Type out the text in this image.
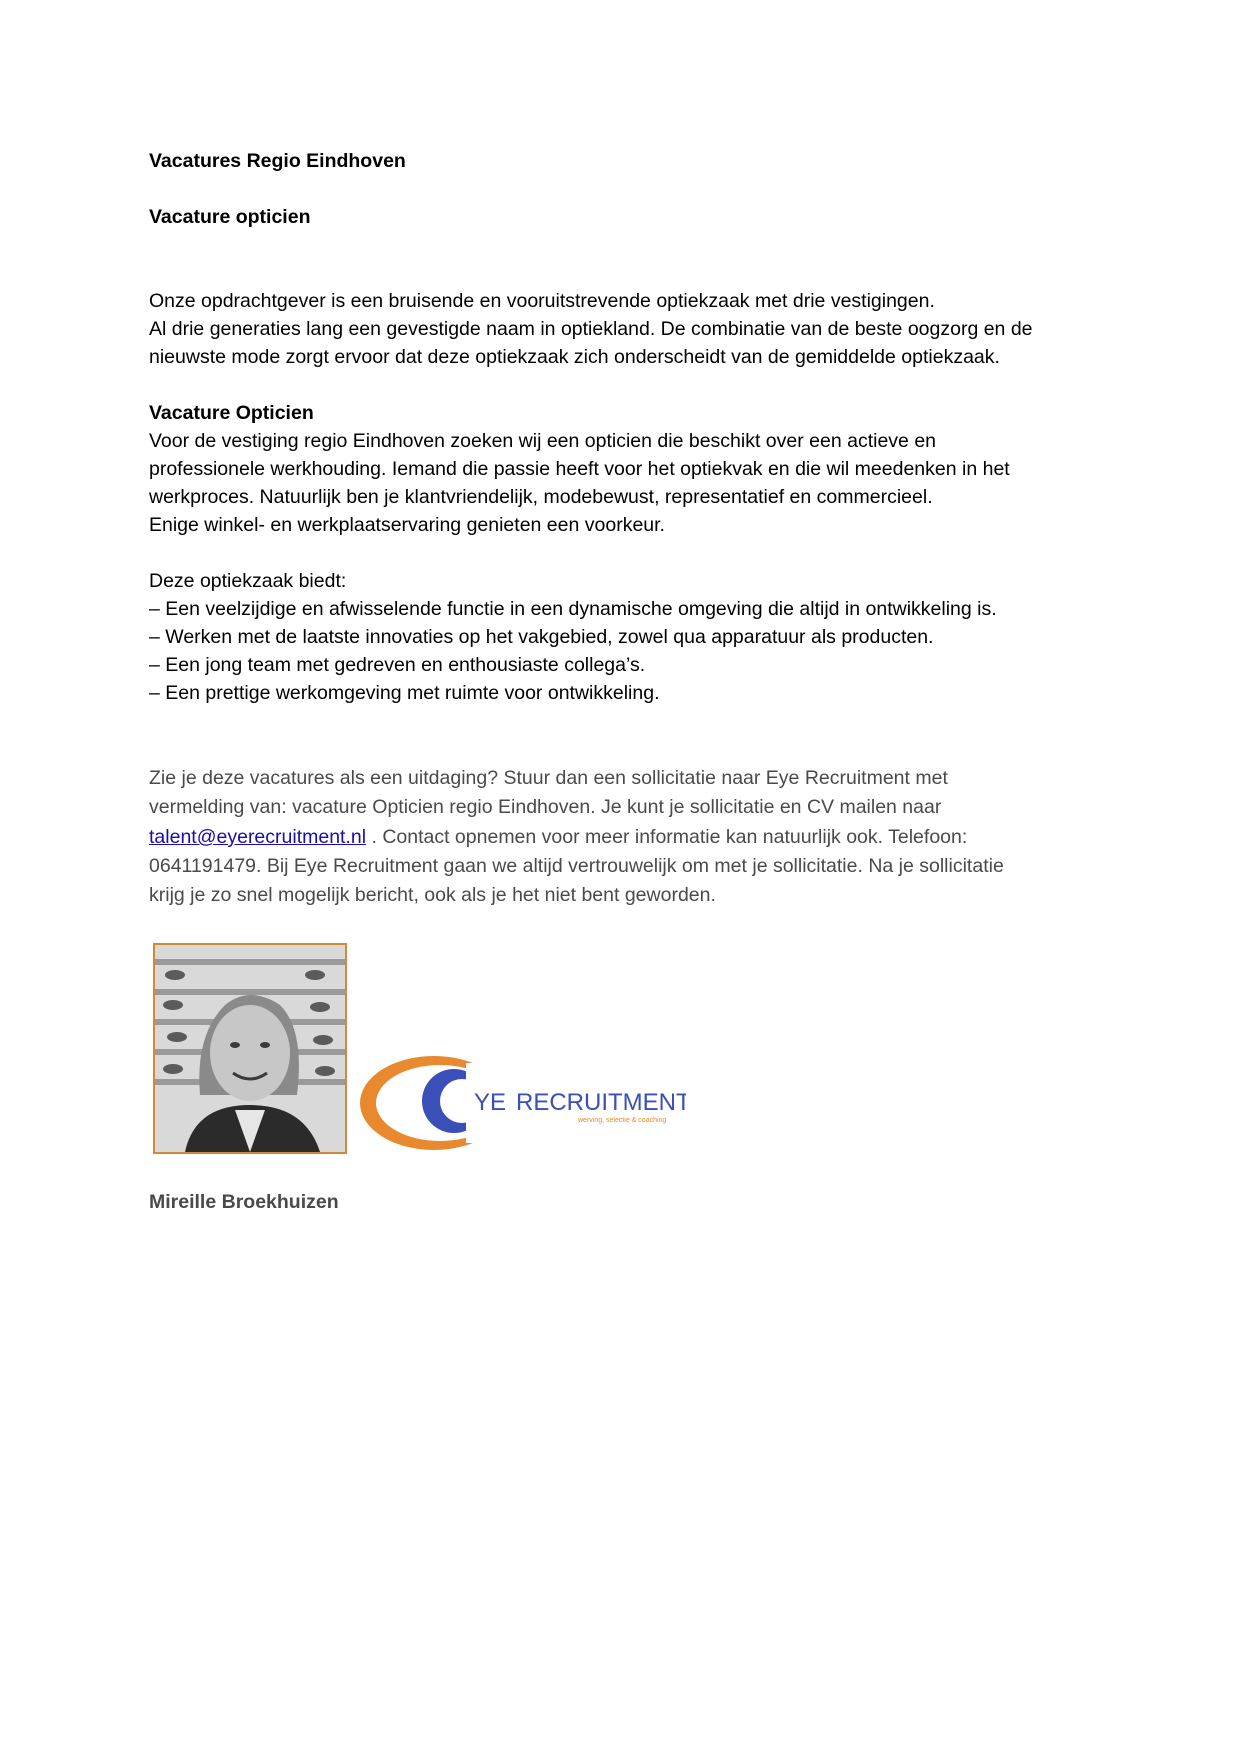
Vacatures Regio Eindhoven
Vacature opticien
Onze opdrachtgever is een bruisende en vooruitstrevende optiekzaak met drie vestigingen.
Al drie generaties lang een gevestigde naam in optiekland. De combinatie van de beste oogzorg en de
nieuwste mode zorgt ervoor dat deze optiekzaak zich onderscheidt van de gemiddelde optiekzaak.
Vacature Opticien
Voor de vestiging regio Eindhoven zoeken wij een opticien die beschikt over een actieve en
professionele werkhouding. Iemand die passie heeft voor het optiekvak en die wil meedenken in het
werkproces. Natuurlijk ben je klantvriendelijk, modebewust, representatief en commercieel.
Enige winkel- en werkplaatservaring genieten een voorkeur.
Deze optiekzaak biedt:
– Een veelzijdige en afwisselende functie in een dynamische omgeving die altijd in ontwikkeling is.
– Werken met de laatste innovaties op het vakgebied, zowel qua apparatuur als producten.
– Een jong team met gedreven en enthousiaste collega’s.
– Een prettige werkomgeving met ruimte voor ontwikkeling.
Zie je deze vacatures als een uitdaging? Stuur dan een sollicitatie naar Eye Recruitment met
vermelding van: vacature Opticien regio Eindhoven. Je kunt je sollicitatie en CV mailen naar
talent@eyerecruitment.nl . Contact opnemen voor meer informatie kan natuurlijk ook. Telefoon:
0641191479. Bij Eye Recruitment gaan we altijd vertrouwelijk om met je sollicitatie. Na je sollicitatie
krijg je zo snel mogelijk bericht, ook als je het niet bent geworden.
Mireille Broekhuizen
YE RECRUITMENT
werving, selectie & coaching
